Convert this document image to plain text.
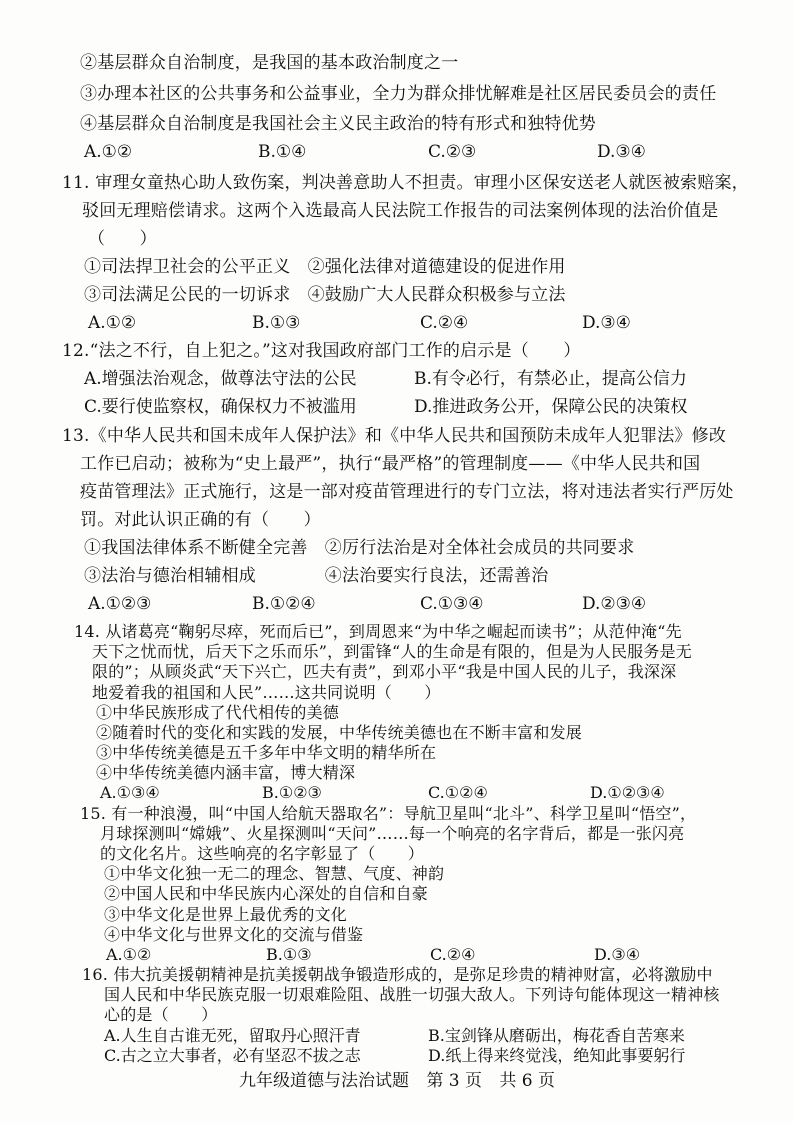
②基层群众自治制度，是我国的基本政治制度之一
③办理本社区的公共事务和公益事业，全力为群众排忧解难是社区居民委员会的责任
④基层群众自治制度是我国社会主义民主政治的特有形式和独特优势
A.①②	B.①④	C.②③	D.③④
11. 审理女童热心助人致伤案，判决善意助人不担责。审理小区保安送老人就医被索赔案，
驳回无理赔偿请求。这两个入选最高人民法院工作报告的司法案例体现的法治价值是
（　　）
①司法捍卫社会的公平正义　②强化法律对道德建设的促进作用
③司法满足公民的一切诉求　④鼓励广大人民群众积极参与立法
A.①②	B.①③	C.②④	D.③④
12.“法之不行，自上犯之。”这对我国政府部门工作的启示是（　　）
A.增强法治观念，做尊法守法的公民	B.有令必行，有禁必止，提高公信力
C.要行使监察权，确保权力不被滥用	D.推进政务公开，保障公民的决策权
13.《中华人民共和国未成年人保护法》和《中华人民共和国预防未成年人犯罪法》修改
工作已启动；被称为“史上最严”，执行“最严格”的管理制度——《中华人民共和国
疫苗管理法》正式施行，这是一部对疫苗管理进行的专门立法，将对违法者实行严厉处
罚。对此认识正确的有（　　）
①我国法律体系不断健全完善　②厉行法治是对全体社会成员的共同要求
③法治与德治相辅相成　　　　④法治要实行良法，还需善治
A.①②③	B.①②④	C.①③④	D.②③④
九年级道德与法治试题 第 3 页 共 6 页
14. 从诸葛亮“鞠躬尽瘁，死而后已”，到周恩来“为中华之崛起而读书”；从范仲淹“先
天下之忧而忧，后天下之乐而乐”，到雷锋“人的生命是有限的，但是为人民服务是无
限的”；从顾炎武“天下兴亡，匹夫有责”，到邓小平“我是中国人民的儿子，我深深
地爱着我的祖国和人民”……这共同说明（　　）
①中华民族形成了代代相传的美德
②随着时代的变化和实践的发展，中华传统美德也在不断丰富和发展
③中华传统美德是五千多年中华文明的精华所在
④中华传统美德内涵丰富，博大精深
A.①③④	B.①②③	C.①②④	D.①②③④
15. 有一种浪漫，叫“中国人给航天器取名”：导航卫星叫“北斗”、科学卫星叫“悟空”，
月球探测叫“嫦娥”、火星探测叫“天问”……每一个响亮的名字背后，都是一张闪亮
的文化名片。这些响亮的名字彰显了（　　）
①中华文化独一无二的理念、智慧、气度、神韵
②中国人民和中华民族内心深处的自信和自豪
③中华文化是世界上最优秀的文化
④中华文化与世界文化的交流与借鉴
A.①②	B.①③	C.②④	D.③④
16. 伟大抗美援朝精神是抗美援朝战争锻造形成的，是弥足珍贵的精神财富，必将激励中
国人民和中华民族克服一切艰难险阻、战胜一切强大敌人。下列诗句能体现这一精神核
心的是（　　）
A.人生自古谁无死，留取丹心照汗青	B.宝剑锋从磨砺出，梅花香自苦寒来
C.古之立大事者，必有坚忍不拔之志	D.纸上得来终觉浅，绝知此事要躬行
